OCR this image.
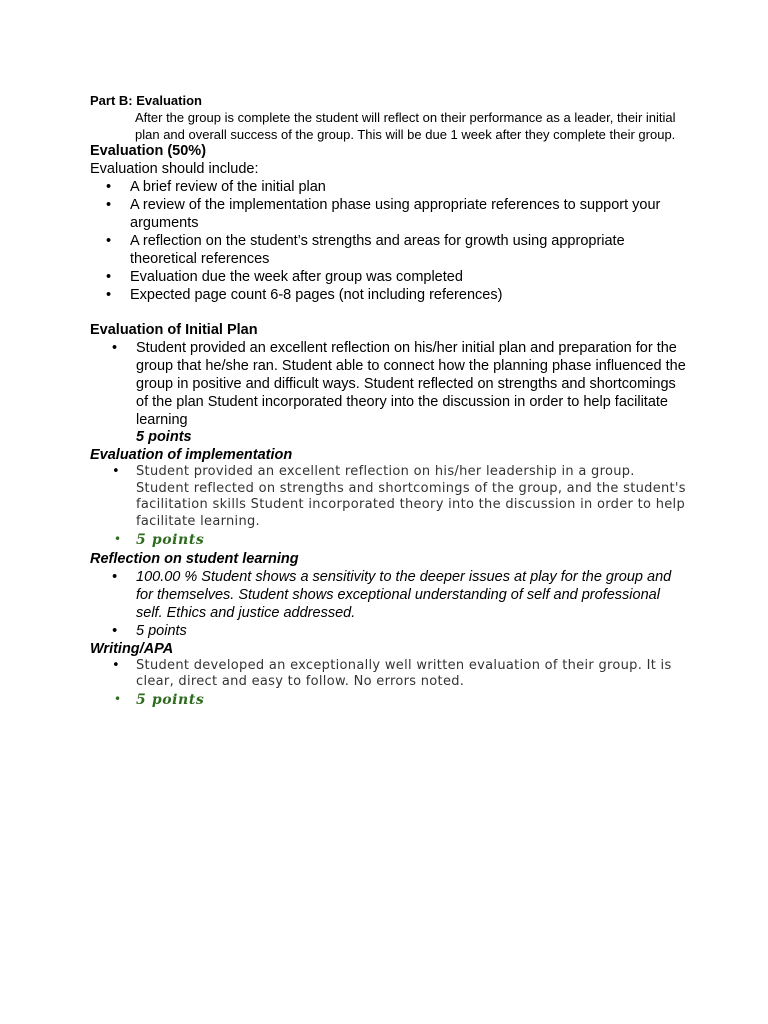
Part B: Evaluation
After the group is complete the student will reflect on their performance as a leader, their initial plan and overall success of the group. This will be due 1 week after they complete their group.
Evaluation (50%)
Evaluation should include:
• A brief review of the initial plan
• A review of the implementation phase using appropriate references to support your arguments
• A reflection on the student’s strengths and areas for growth using appropriate theoretical references
• Evaluation due the week after group was completed
• Expected page count 6-8 pages (not including references)
Evaluation of Initial Plan
• Student provided an excellent reflection on his/her initial plan and preparation for the group that he/she ran. Student able to connect how the planning phase influenced the group in positive and difficult ways. Student reflected on strengths and shortcomings of the plan Student incorporated theory into the discussion in order to help facilitate learning
5 points
Evaluation of implementation
• Student provided an excellent reflection on his/her leadership in a group. Student reflected on strengths and shortcomings of the group, and the student's facilitation skills Student incorporated theory into the discussion in order to help facilitate learning.
• 5 points
Reflection on student learning
• 100.00 % Student shows a sensitivity to the deeper issues at play for the group and for themselves. Student shows exceptional understanding of self and professional self. Ethics and justice addressed.
• 5 points
Writing/APA
• Student developed an exceptionally well written evaluation of their group. It is clear, direct and easy to follow. No errors noted.
• 5 points
